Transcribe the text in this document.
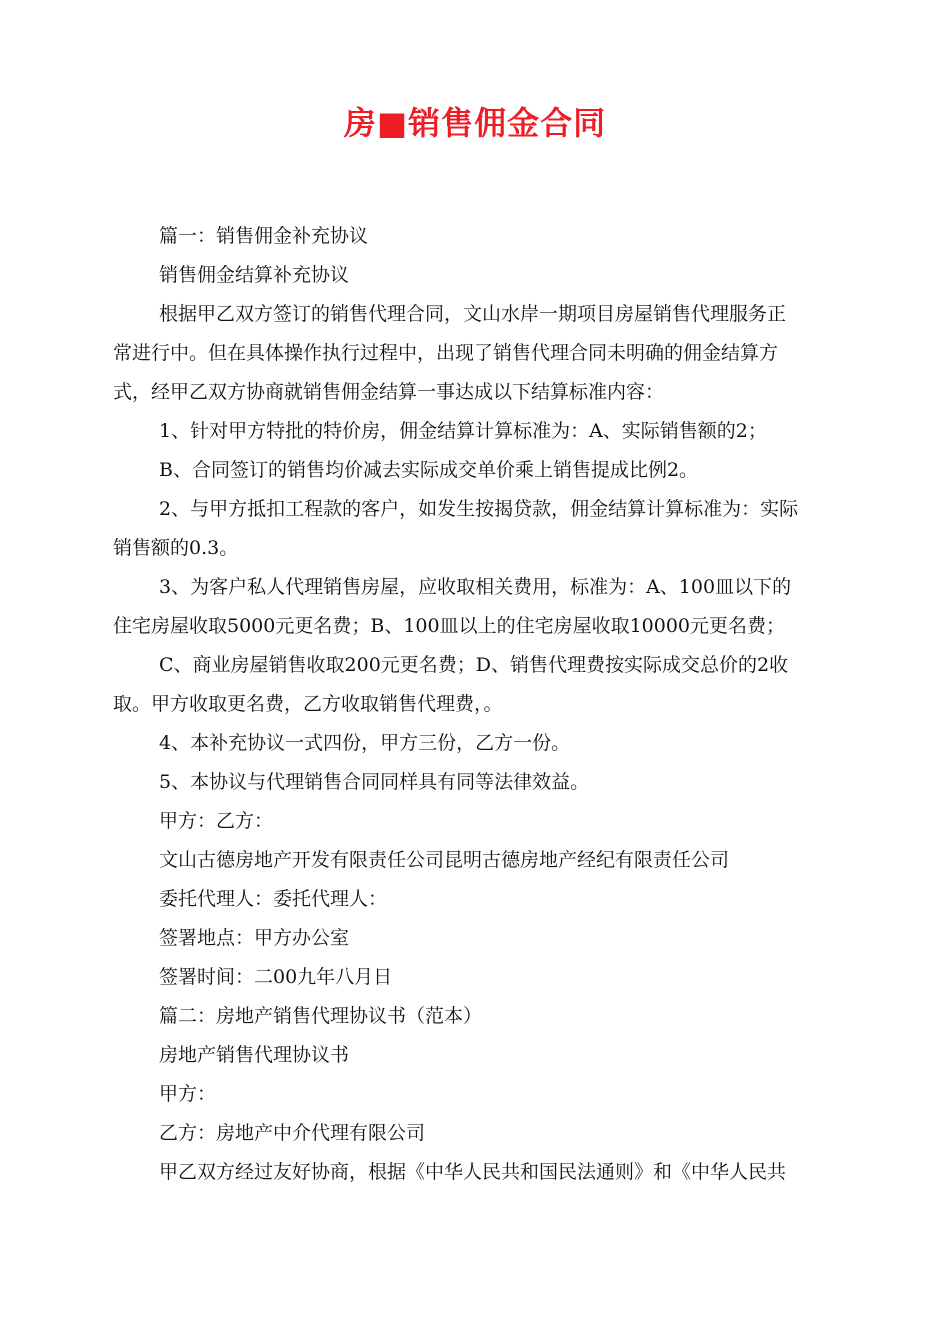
房■销售佣金合同
篇一：销售佣金补充协议
销售佣金结算补充协议
根据甲乙双方签订的销售代理合同，文山水岸一期项目房屋销售代理服务正
常进行中。但在具体操作执行过程中，出现了销售代理合同未明确的佣金结算方
式，经甲乙双方协商就销售佣金结算一事达成以下结算标准内容：
1、针对甲方特批的特价房，佣金结算计算标准为：A、实际销售额的2；
B、合同签订的销售均价减去实际成交单价乘上销售提成比例2。
2、与甲方抵扣工程款的客户，如发生按揭贷款，佣金结算计算标准为：实际
销售额的0.3。
3、为客户私人代理销售房屋，应收取相关费用，标准为：A、100皿以下的
住宅房屋收取5000元更名费；B、100皿以上的住宅房屋收取10000元更名费；
C、商业房屋销售收取200元更名费；D、销售代理费按实际成交总价的2收
取。甲方收取更名费，乙方收取销售代理费，。
4、本补充协议一式四份，甲方三份，乙方一份。
5、本协议与代理销售合同同样具有同等法律效益。
甲方：乙方：
文山古德房地产开发有限责任公司昆明古德房地产经纪有限责任公司
委托代理人：委托代理人：
签署地点：甲方办公室
签署时间：二00九年八月日
篇二：房地产销售代理协议书（范本）
房地产销售代理协议书
甲方：
乙方：房地产中介代理有限公司
甲乙双方经过友好协商，根据《中华人民共和国民法通则》和《中华人民共
